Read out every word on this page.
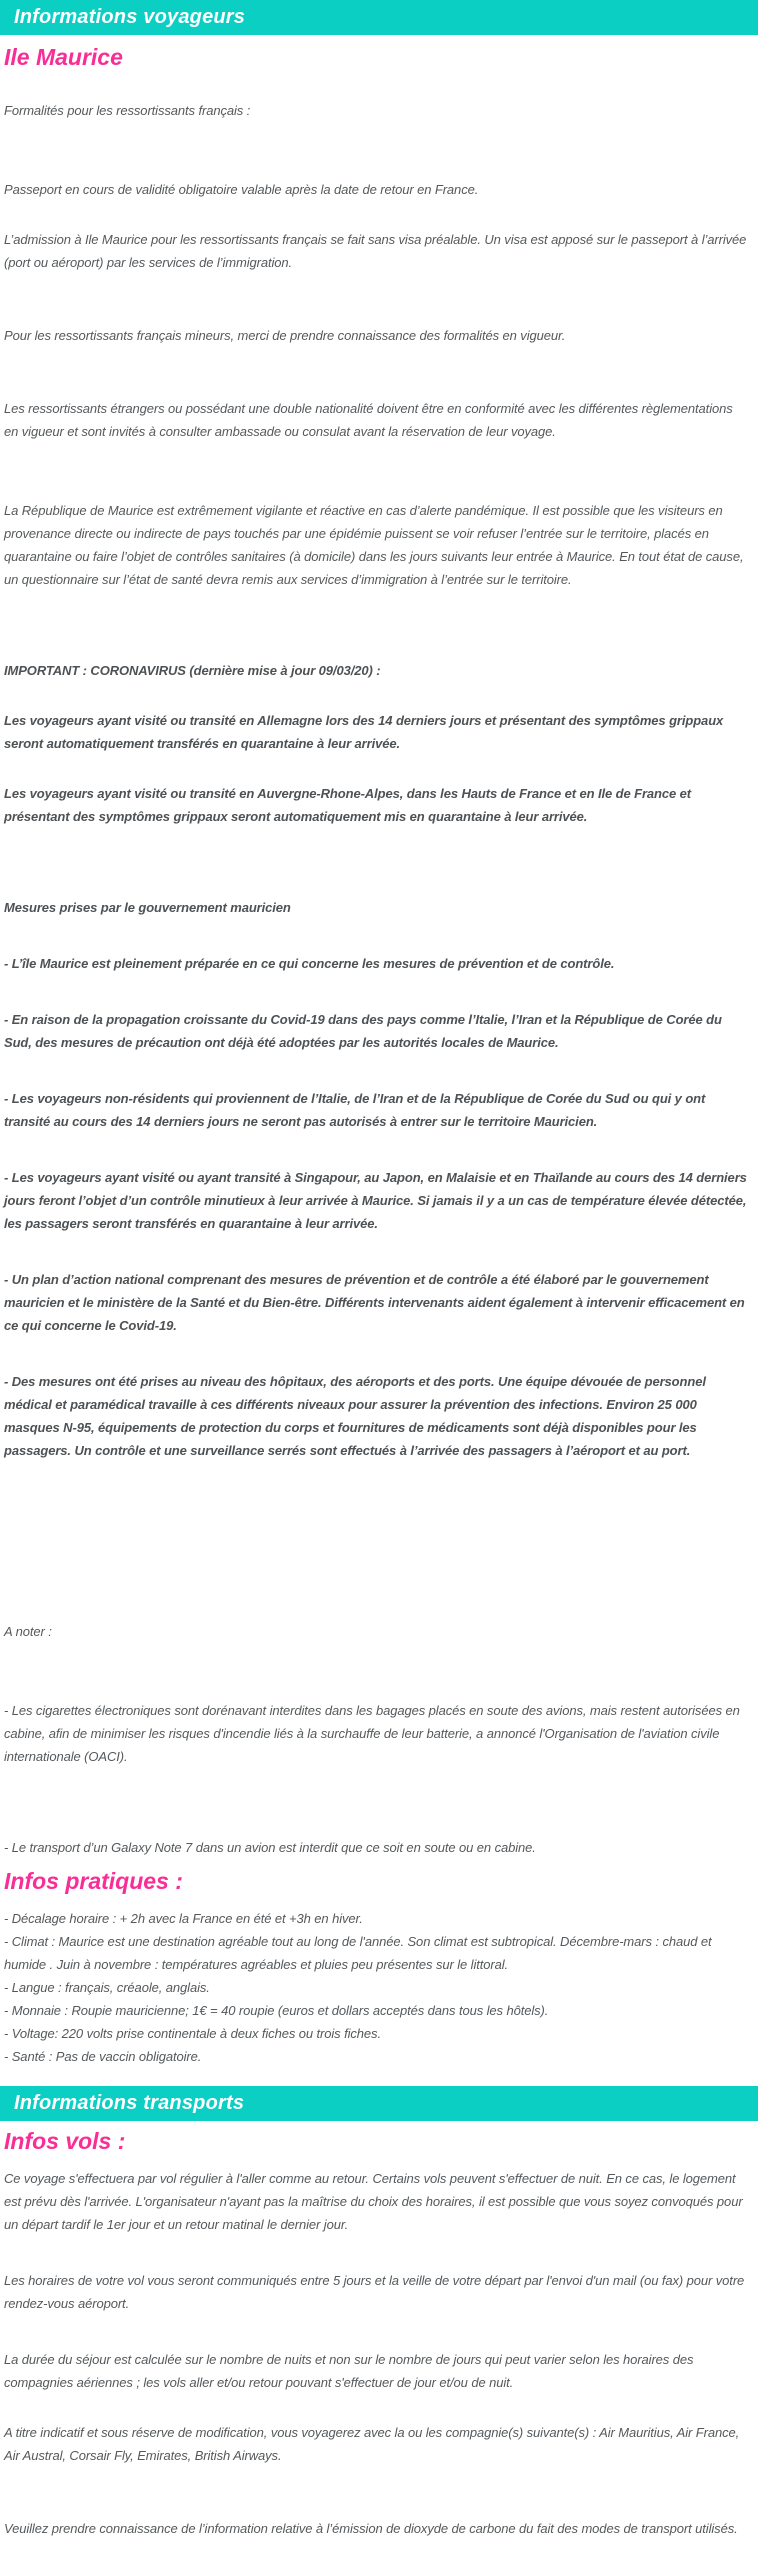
Informations voyageurs
Ile Maurice

Formalités pour les ressortissants français :

Passeport en cours de validité obligatoire valable après la date de retour en France.

L’admission à Ile Maurice pour les ressortissants français se fait sans visa préalable. Un visa est apposé sur le passeport à l’arrivée (port ou aéroport) par les services de l’immigration.

Pour les ressortissants français mineurs, merci de prendre connaissance des formalités en vigueur.

Les ressortissants étrangers ou possédant une double nationalité doivent être en conformité avec les différentes règlementations en vigueur et sont invités à consulter ambassade ou consulat avant la réservation de leur voyage.

La République de Maurice est extrêmement vigilante et réactive en cas d’alerte pandémique. Il est possible que les visiteurs en provenance directe ou indirecte de pays touchés par une épidémie puissent se voir refuser l’entrée sur le territoire, placés en quarantaine ou faire l’objet de contrôles sanitaires (à domicile) dans les jours suivants leur entrée à Maurice. En tout état de cause, un questionnaire sur l’état de santé devra remis aux services d’immigration à l’entrée sur le territoire.

IMPORTANT : CORONAVIRUS (dernière mise à jour 09/03/20) :

Les voyageurs ayant visité ou transité en Allemagne lors des 14 derniers jours et présentant des symptômes grippaux seront automatiquement transférés en quarantaine à leur arrivée.

Les voyageurs ayant visité ou transité en Auvergne-Rhone-Alpes, dans les Hauts de France et en Ile de France et présentant des symptômes grippaux seront automatiquement mis en quarantaine à leur arrivée.

Mesures prises par le gouvernement mauricien

- L’île Maurice est pleinement préparée en ce qui concerne les mesures de prévention et de contrôle.

- En raison de la propagation croissante du Covid-19 dans des pays comme l’Italie, l’Iran et la République de Corée du Sud, des mesures de précaution ont déjà été adoptées par les autorités locales de Maurice.

- Les voyageurs non-résidents qui proviennent de l’Italie, de l’Iran et de la République de Corée du Sud ou qui y ont transité au cours des 14 derniers jours ne seront pas autorisés à entrer sur le territoire Mauricien.

- Les voyageurs ayant visité ou ayant transité à Singapour, au Japon, en Malaisie et en Thaïlande au cours des 14 derniers jours feront l’objet d’un contrôle minutieux à leur arrivée à Maurice. Si jamais il y a un cas de température élevée détectée, les passagers seront transférés en quarantaine à leur arrivée.

- Un plan d’action national comprenant des mesures de prévention et de contrôle a été élaboré par le gouvernement mauricien et le ministère de la Santé et du Bien-être. Différents intervenants aident également à intervenir efficacement en ce qui concerne le Covid-19.

- Des mesures ont été prises au niveau des hôpitaux, des aéroports et des ports. Une équipe dévouée de personnel médical et paramédical travaille à ces différents niveaux pour assurer la prévention des infections. Environ 25 000 masques N-95, équipements de protection du corps et fournitures de médicaments sont déjà disponibles pour les passagers. Un contrôle et une surveillance serrés sont effectués à l’arrivée des passagers à l’aéroport et au port.

A noter :

- Les cigarettes électroniques sont dorénavant interdites dans les bagages placés en soute des avions, mais restent autorisées en cabine, afin de minimiser les risques d'incendie liés à la surchauffe de leur batterie, a annoncé l'Organisation de l'aviation civile internationale (OACI).

- Le transport d’un Galaxy Note 7 dans un avion est interdit que ce soit en soute ou en cabine.

Infos pratiques :
- Décalage horaire : + 2h avec la France en été et +3h en hiver.
- Climat : Maurice est une destination agréable tout au long de l'année. Son climat est subtropical. Décembre-mars : chaud et humide . Juin à novembre : températures agréables et pluies peu présentes sur le littoral.
- Langue : français, créaole, anglais.
- Monnaie : Roupie mauricienne; 1€ = 40 roupie (euros et dollars acceptés dans tous les hôtels).
- Voltage: 220 volts prise continentale à deux fiches ou trois fiches.
- Santé : Pas de vaccin obligatoire.
Informations transports
Infos vols :

Ce voyage s'effectuera par vol régulier à l'aller comme au retour. Certains vols peuvent s'effectuer de nuit. En ce cas, le logement est prévu dès l'arrivée. L'organisateur n'ayant pas la maîtrise du choix des horaires, il est possible que vous soyez convoqués pour un départ tardif le 1er jour et un retour matinal le dernier jour.

Les horaires de votre vol vous seront communiqués entre 5 jours et la veille de votre départ par l'envoi d'un mail (ou fax) pour votre rendez-vous aéroport.

La durée du séjour est calculée sur le nombre de nuits et non sur le nombre de jours qui peut varier selon les horaires des compagnies aériennes ; les vols aller et/ou retour pouvant s'effectuer de jour et/ou de nuit.

A titre indicatif et sous réserve de modification, vous voyagerez avec la ou les compagnie(s) suivante(s) : Air Mauritius, Air France, Air Austral, Corsair Fly, Emirates, British Airways.

Veuillez prendre connaissance de l’information relative à l’émission de dioxyde de carbone du fait des modes de transport utilisés.
